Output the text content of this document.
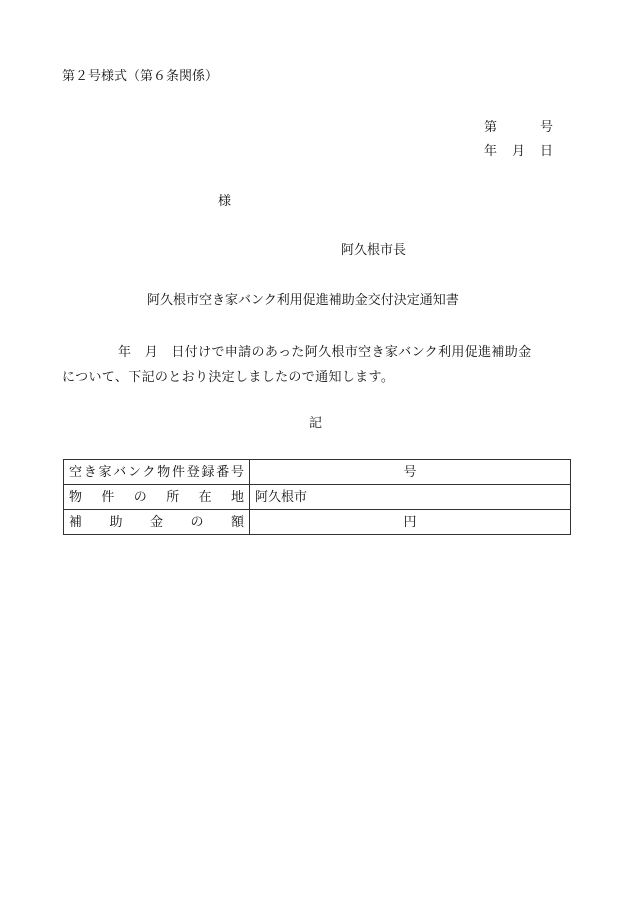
第２号様式（第６条関係）
第	号
年 月 日
様
阿久根市長
阿久根市空き家バンク利用促進補助金交付決定通知書
年　月　日付けで申請のあった阿久根市空き家バンク利用促進補助金
について、下記のとおり決定しましたので通知します。
記
空き家バンク物件登録番号	号
物件の所在地	阿久根市
補助金の額	円
